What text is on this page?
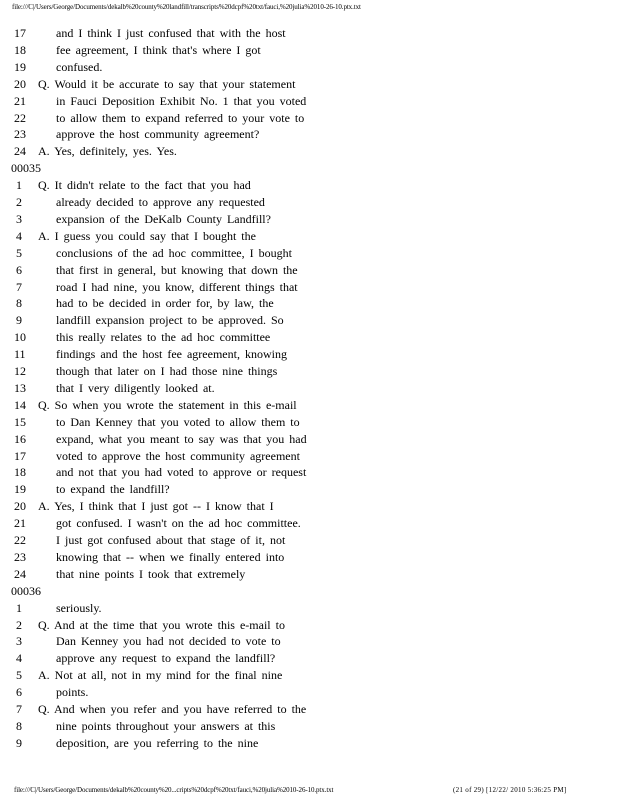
file:///C|/Users/George/Documents/dekalb%20county%20landfill/transcripts%20dcpf%20txt/fauci,%20julia%2010-26-10.ptx.txt
17	and I think I just confused that with the host
18	fee agreement, I think that's where I got
19	confused.
20	Q. Would it be accurate to say that your statement
21	in Fauci Deposition Exhibit No. 1 that you voted
22	to allow them to expand referred to your vote to
23	approve the host community agreement?
24	A. Yes, definitely, yes. Yes.
00035
1	Q. It didn't relate to the fact that you had
2	already decided to approve any requested
3	expansion of the DeKalb County Landfill?
4	A. I guess you could say that I bought the
5	conclusions of the ad hoc committee, I bought
6	that first in general, but knowing that down the
7	road I had nine, you know, different things that
8	had to be decided in order for, by law, the
9	landfill expansion project to be approved. So
10	this really relates to the ad hoc committee
11	findings and the host fee agreement, knowing
12	though that later on I had those nine things
13	that I very diligently looked at.
14	Q. So when you wrote the statement in this e-mail
15	to Dan Kenney that you voted to allow them to
16	expand, what you meant to say was that you had
17	voted to approve the host community agreement
18	and not that you had voted to approve or request
19	to expand the landfill?
20	A. Yes, I think that I just got -- I know that I
21	got confused. I wasn't on the ad hoc committee.
22	I just got confused about that stage of it, not
23	knowing that -- when we finally entered into
24	that nine points I took that extremely
00036
1	seriously.
2	Q. And at the time that you wrote this e-mail to
3	Dan Kenney you had not decided to vote to
4	approve any request to expand the landfill?
5	A. Not at all, not in my mind for the final nine
6	points.
7	Q. And when you refer and you have referred to the
8	nine points throughout your answers at this
9	deposition, are you referring to the nine
file:///C|/Users/George/Documents/dekalb%20county%20...cripts%20dcpf%20txt/fauci,%20julia%2010-26-10.ptx.txt	(21 of 29) [12/22/ 2010 5:36:25 PM]
